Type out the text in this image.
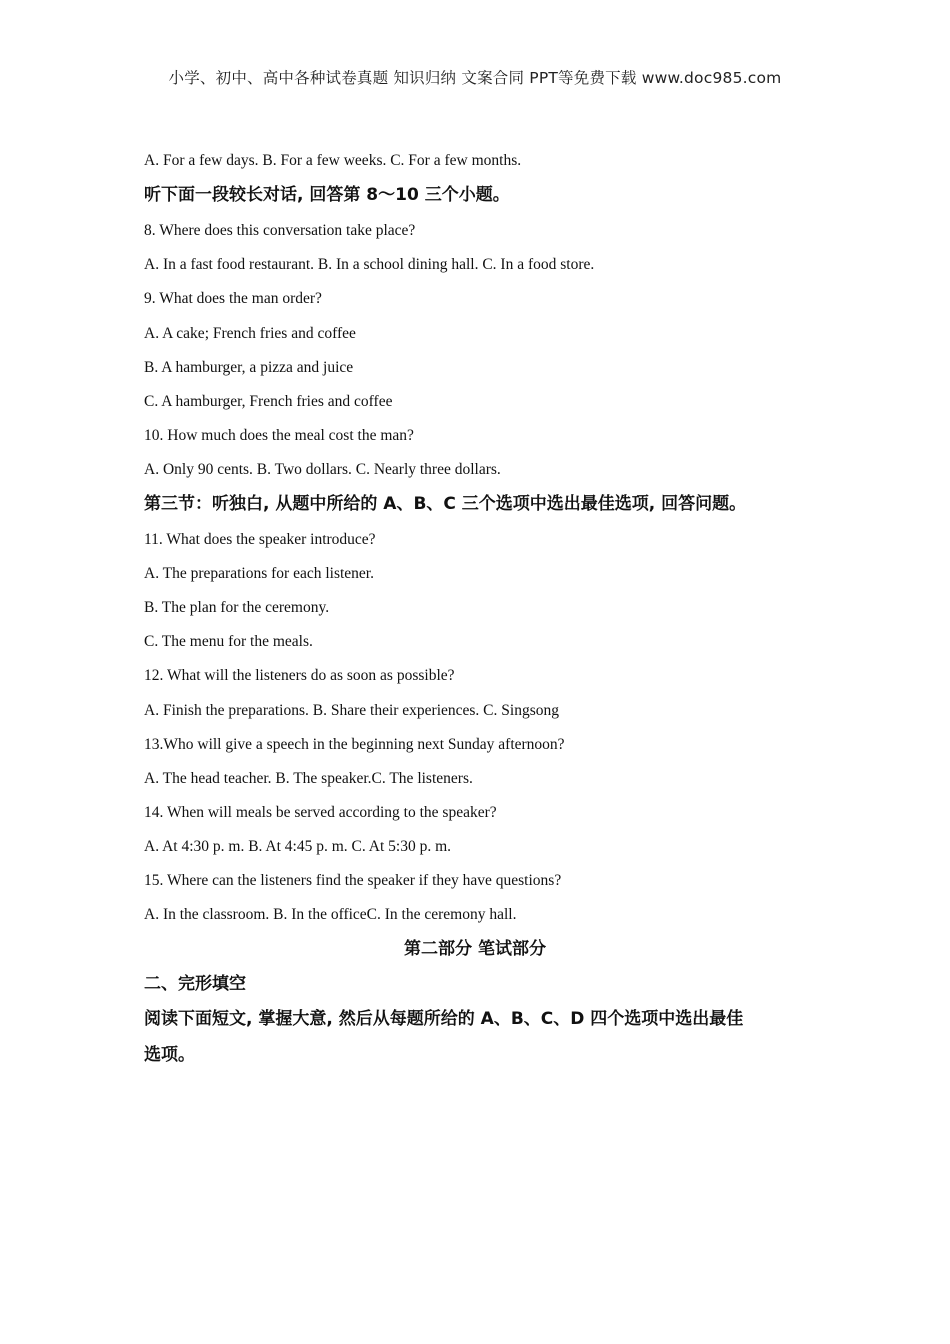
小学、初中、高中各种试卷真题 知识归纳 文案合同 PPT等免费下载 www.doc985.com
A. For a few days. B. For a few weeks. C. For a few months.
听下面一段较长对话, 回答第 8～10 三个小题。
8. Where does this conversation take place?
A. In a fast food restaurant. B. In a school dining hall. C. In a food store.
9. What does the man order?
A. A cake; French fries and coffee
B. A hamburger, a pizza and juice
C. A hamburger, French fries and coffee
10. How much does the meal cost the man?
A. Only 90 cents. B. Two dollars. C. Nearly three dollars.
第三节：听独白, 从题中所给的 A、B、C 三个选项中选出最佳选项, 回答问题。
11. What does the speaker introduce?
A. The preparations for each listener.
B. The plan for the ceremony.
C. The menu for the meals.
12. What will the listeners do as soon as possible?
A. Finish the preparations. B. Share their experiences. C. Singsong
13.Who will give a speech in the beginning next Sunday afternoon?
A. The head teacher. B. The speaker.C. The listeners.
14. When will meals be served according to the speaker?
A. At 4:30 p. m. B. At 4:45 p. m. C. At 5:30 p. m.
15. Where can the listeners find the speaker if they have questions?
A. In the classroom. B. In the officeC. In the ceremony hall.
第二部分 笔试部分
二、完形填空
阅读下面短文, 掌握大意, 然后从每题所给的 A、B、C、D 四个选项中选出最佳
选项。
